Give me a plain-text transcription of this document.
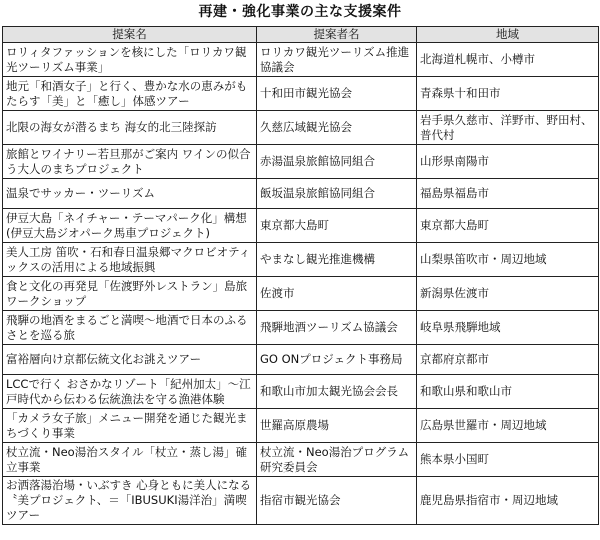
再建・強化事業の主な支援案件
提案名	提案者名	地域
ロリィタファッションを核にした「ロリカワ観光ツーリズム事業」	ロリカワ観光ツーリズム推進協議会	北海道札幌市、小樽市
地元「和酒女子」と行く、豊かな水の恵みがもたらす「美」と「癒し」体感ツアー	十和田市観光協会	青森県十和田市
北限の海女が潜るまち 海女的北三陸探訪	久慈広域観光協会	岩手県久慈市、洋野市、野田村、普代村
旅館とワイナリー若旦那がご案内 ワインの似合う大人のまちプロジェクト	赤湯温泉旅館協同組合	山形県南陽市
温泉でサッカー・ツーリズム	飯坂温泉旅館協同組合	福島県福島市
伊豆大島「ネイチャー・テーマパーク化」構想(伊豆大島ジオパーク馬車プロジェクト)	東京都大島町	東京都大島町
美人工房 笛吹・石和春日温泉郷マクロビオティックスの活用による地域振興	やまなし観光推進機構	山梨県笛吹市・周辺地域
食と文化の再発見「佐渡野外レストラン」島旅ワークショップ	佐渡市	新潟県佐渡市
飛騨の地酒をまるごと満喫〜地酒で日本のふるさとを巡る旅	飛騨地酒ツーリズム協議会	岐阜県飛騨地域
富裕層向け京都伝統文化お誂えツアー	GO ONプロジェクト事務局	京都府京都市
LCCで行く おさかなリゾート「紀州加太」〜江戸時代から伝わる伝統漁法を守る漁港体験	和歌山市加太観光協会会長	和歌山県和歌山市
「カメラ女子旅」メニュー開発を通じた観光まちづくり事業	世羅高原農場	広島県世羅市・周辺地域
杖立流・Neo湯治スタイル「杖立・蒸し湯」確立事業	杖立流・Neo湯治プログラム研究委員会	熊本県小国町
お洒落湯治場・いぶすき 心身ともに美人になる〝美プロジェクト、＝「IBUSUKI湯洋治」満喫ツアー	指宿市観光協会	鹿児島県指宿市・周辺地域
